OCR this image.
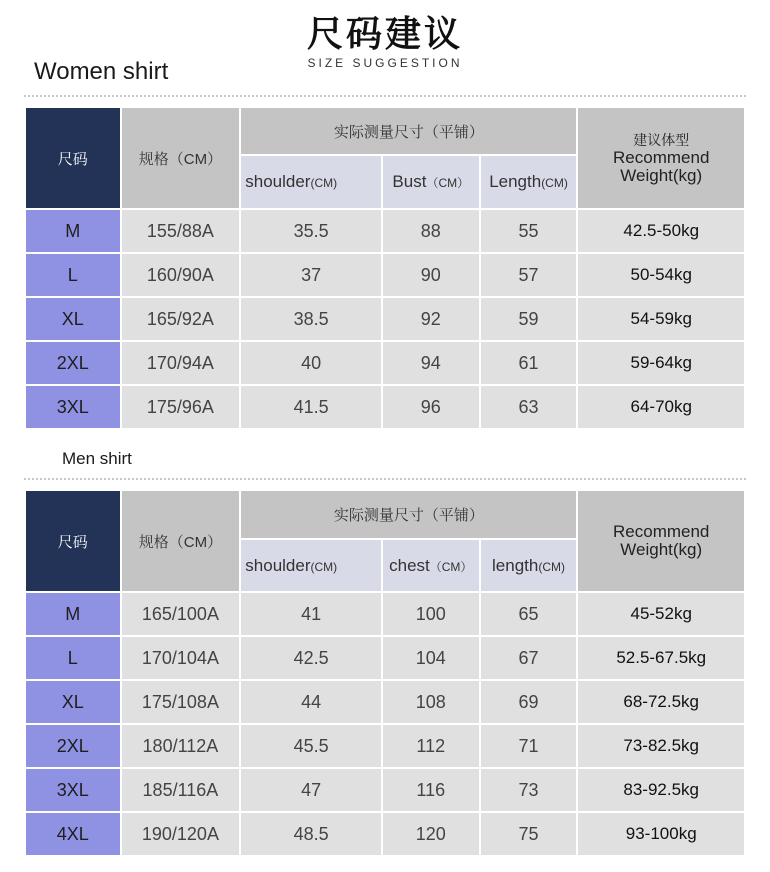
尺码建议
SIZE SUGGESTION
Women shirt
尺码	规格（CM）	实际测量尺寸（平铺）			建议体型
Recommend Weight(kg)
		shoulder(CM)	Bust（CM）	Length(CM)	
M	155/88A	35.5	88	55	42.5-50kg
L	160/90A	37	90	57	50-54kg
XL	165/92A	38.5	92	59	54-59kg
2XL	170/94A	40	94	61	59-64kg
3XL	175/96A	41.5	96	63	64-70kg
Men shirt
尺码	规格（CM）	实际测量尺寸（平铺）			Recommend Weight(kg)
		shoulder(CM)	chest（CM）	length(CM)	
M	165/100A	41	100	65	45-52kg
L	170/104A	42.5	104	67	52.5-67.5kg
XL	175/108A	44	108	69	68-72.5kg
2XL	180/112A	45.5	112	71	73-82.5kg
3XL	185/116A	47	116	73	83-92.5kg
4XL	190/120A	48.5	120	75	93-100kg
